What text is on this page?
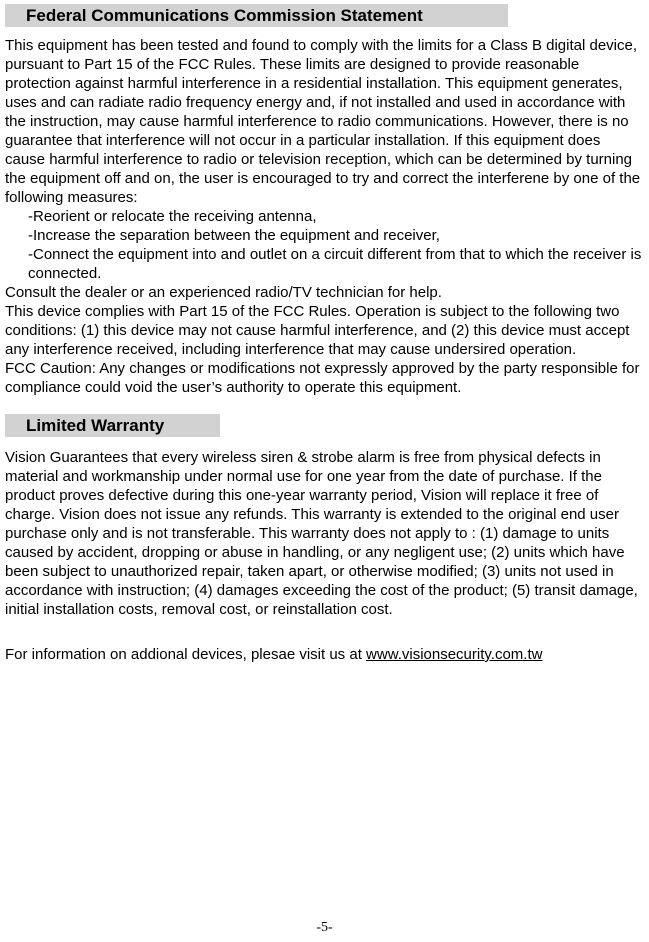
Federal Communications Commission Statement

This equipment has been tested and found to comply with the limits for a Class B digital device, pursuant to Part 15 of the FCC Rules. These limits are designed to provide reasonable protection against harmful interference in a residential installation. This equipment generates, uses and can radiate radio frequency energy and, if not installed and used in accordance with the instruction, may cause harmful interference to radio communications. However, there is no guarantee that interference will not occur in a particular installation. If this equipment does cause harmful interference to radio or television reception, which can be determined by turning the equipment off and on, the user is encouraged to try and correct the interferene by one of the following measures:

-Reorient or relocate the receiving antenna,
-Increase the separation between the equipment and receiver,
-Connect the equipment into and outlet on a circuit different from that to which the receiver is connected.

Consult the dealer or an experienced radio/TV technician for help.

This device complies with Part 15 of the FCC Rules. Operation is subject to the following two conditions: (1) this device may not cause harmful interference, and (2) this device must accept any interference received, including interference that may cause undersired operation.

FCC Caution: Any changes or modifications not expressly approved by the party responsible for compliance could void the user’s authority to operate this equipment.

Limited Warranty

Vision Guarantees that every wireless siren & strobe alarm is free from physical defects in material and workmanship under normal use for one year from the date of purchase. If the product proves defective during this one-year warranty period, Vision will replace it free of charge. Vision does not issue any refunds. This warranty is extended to the original end user purchase only and is not transferable. This warranty does not apply to : (1) damage to units caused by accident, dropping or abuse in handling, or any negligent use; (2) units which have been subject to unauthorized repair, taken apart, or otherwise modified; (3) units not used in accordance with instruction; (4) damages exceeding the cost of the product; (5) transit damage, initial installation costs, removal cost, or reinstallation cost.

For information on addional devices, plesae visit us at www.visionsecurity.com.tw

-5-
